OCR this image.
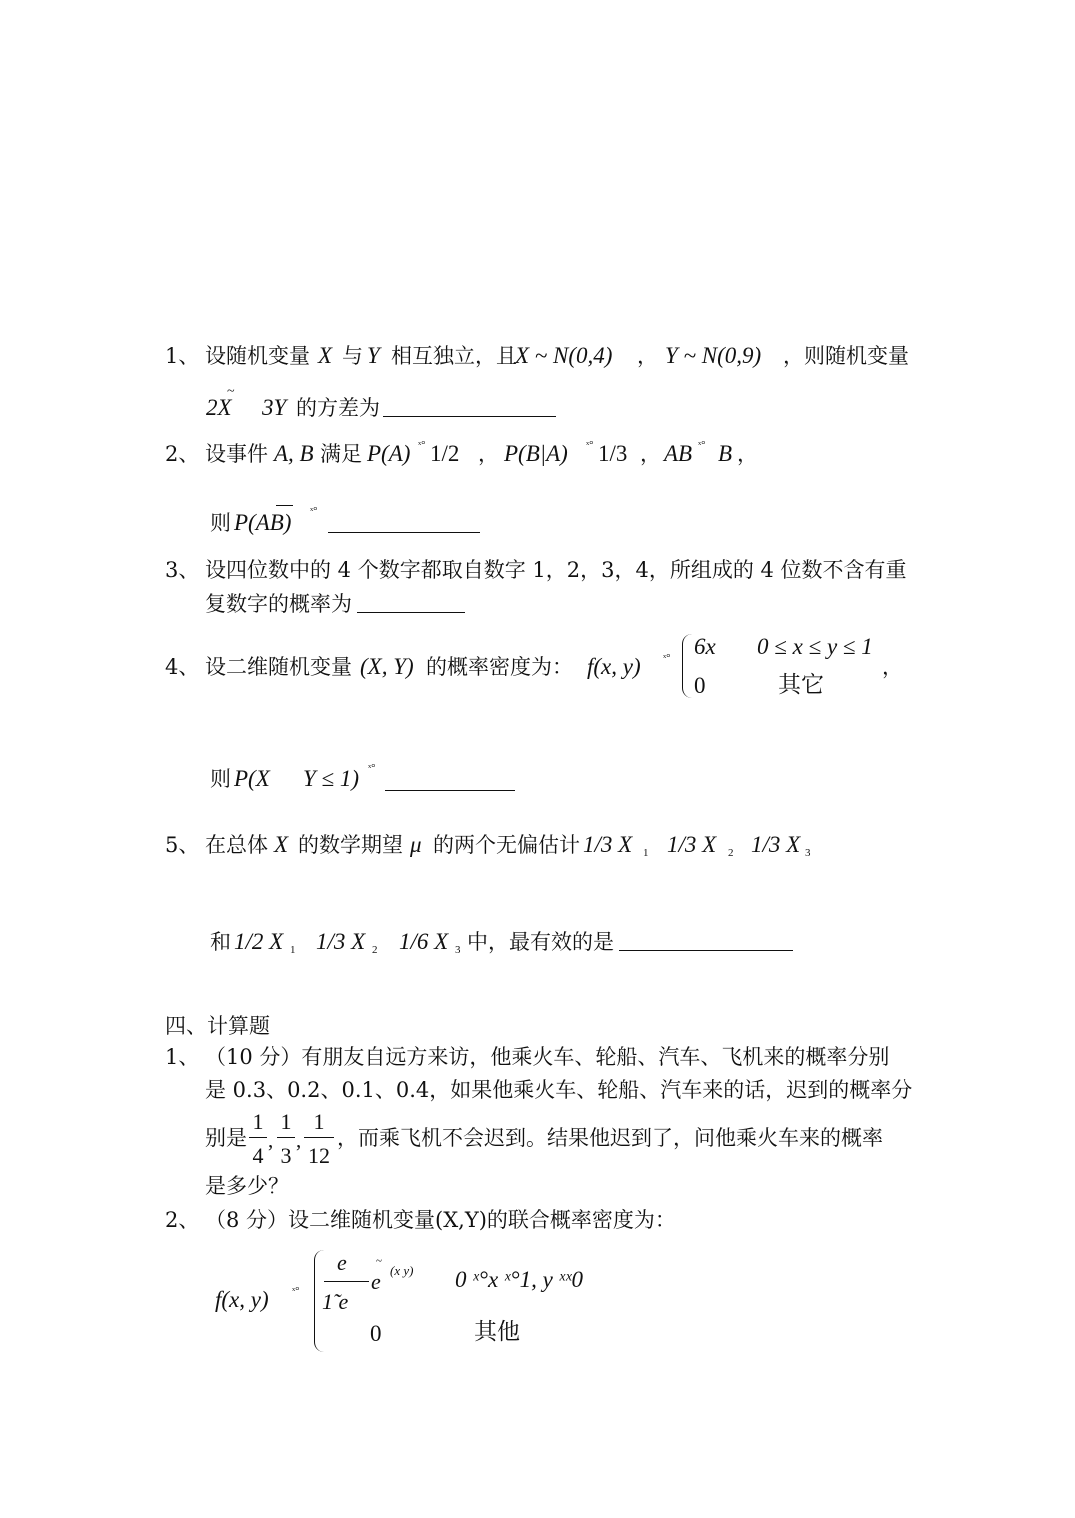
1、 设随机变量 X 与 Y 相互独立，且
X ~ N(0,4) ， Y ~ N(0,9) ，则随机变量
2X
~
3Y 的方差为
2、 设事件 A, B 满足 P(A) ˣ° 1/2 ， P(B|A) ˣ° 1/3 ， AB ˣ° B ，
则 P(AB) ˣ°
3、 设四位数中的 4 个数字都取自数字 1，2，3，4，所组成的 4 位数不含有重
复数字的概率为
4、 设二维随机变量 (X, Y) 的概率密度为： f(x, y) ˣ° 6x 0 ≤ x ≤ y ≤ 1
，
0	其它
则 P(X Y ≤ 1) ˣ°
5、 在总体 X 的数学期望 μ 的两个无偏估计 1/3 X 1 1/3 X 2 1/3 X 3
和 1/2 X 1 1/3 X 2 1/6 X 3 中，最有效的是
四、计算题
1、 （10 分）有朋友自远方来访，他乘火车、轮船、汽车、飞机来的概率分别
是 0.3、0.2、0.1、0.4，如果他乘火车、轮船、汽车来的话，迟到的概率分
别是
1
4
,
1
3
,
1
12
，而乘飞机不会迟到。结果他迟到了，问他乘火车来的概率
是多少？
2、 （8 分）设二维随机变量(X,Y)的联合概率密度为：
f(x, y) ˣ°
e
1̃ e
e
~
(x y) 0 ˣ°x ˣ°1, y ˣˣ0
0	其他
